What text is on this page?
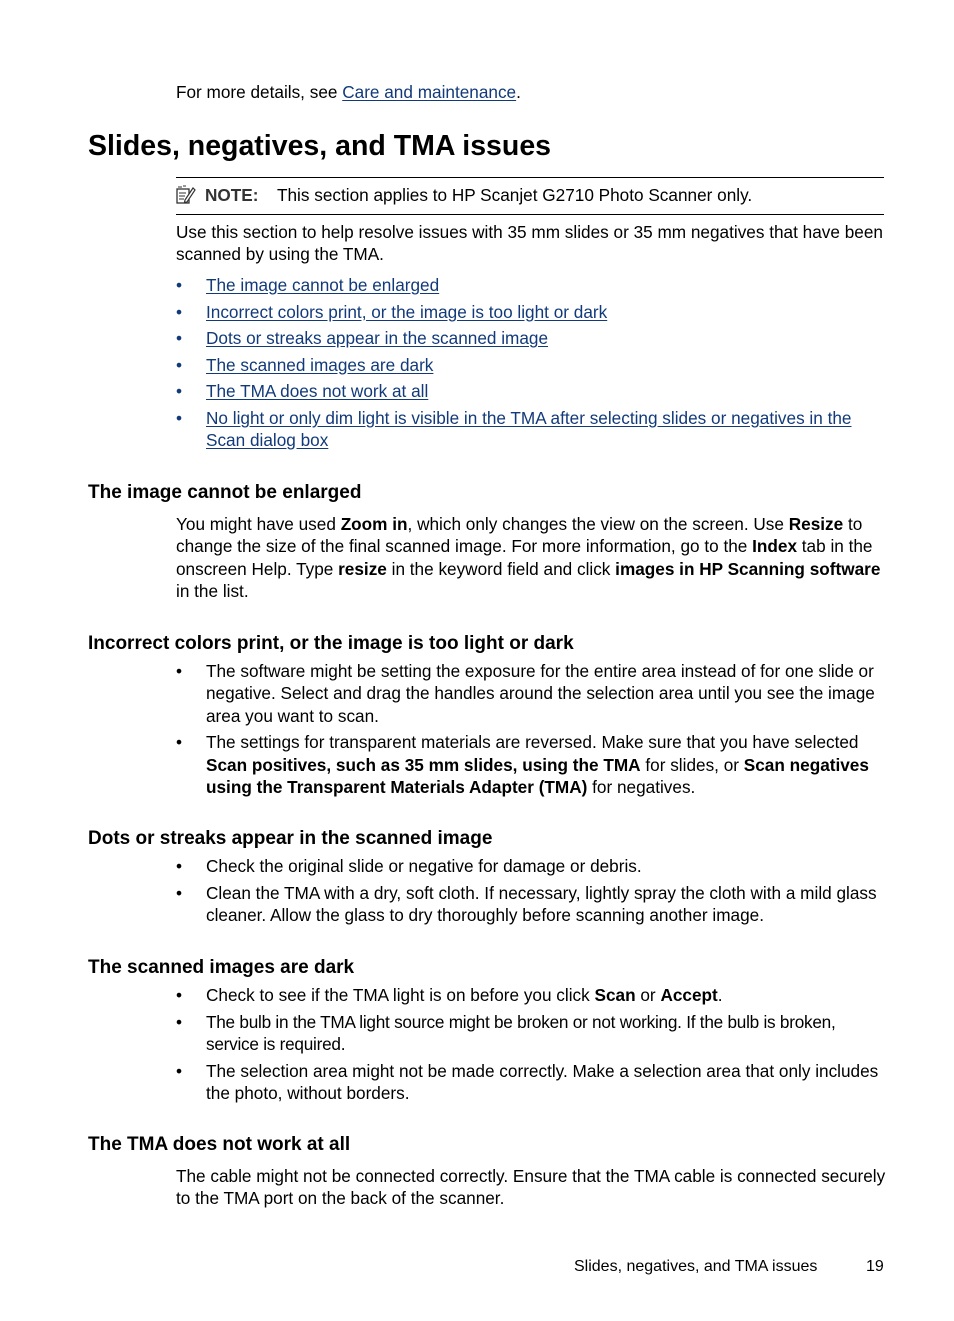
For more details, see Care and maintenance.
Slides, negatives, and TMA issues
NOTE: This section applies to HP Scanjet G2710 Photo Scanner only.
Use this section to help resolve issues with 35 mm slides or 35 mm negatives that have been scanned by using the TMA.
•	The image cannot be enlarged
•	Incorrect colors print, or the image is too light or dark
•	Dots or streaks appear in the scanned image
•	The scanned images are dark
•	The TMA does not work at all
•	No light or only dim light is visible in the TMA after selecting slides or negatives in the Scan dialog box
The image cannot be enlarged
You might have used Zoom in, which only changes the view on the screen. Use Resize to change the size of the final scanned image. For more information, go to the Index tab in the onscreen Help. Type resize in the keyword field and click images in HP Scanning software in the list.
Incorrect colors print, or the image is too light or dark
•	The software might be setting the exposure for the entire area instead of for one slide or negative. Select and drag the handles around the selection area until you see the image area you want to scan.
•	The settings for transparent materials are reversed. Make sure that you have selected Scan positives, such as 35 mm slides, using the TMA for slides, or Scan negatives using the Transparent Materials Adapter (TMA) for negatives.
Dots or streaks appear in the scanned image
•	Check the original slide or negative for damage or debris.
•	Clean the TMA with a dry, soft cloth. If necessary, lightly spray the cloth with a mild glass cleaner. Allow the glass to dry thoroughly before scanning another image.
The scanned images are dark
•	Check to see if the TMA light is on before you click Scan or Accept.
•	The bulb in the TMA light source might be broken or not working. If the bulb is broken, service is required.
•	The selection area might not be made correctly. Make a selection area that only includes the photo, without borders.
The TMA does not work at all
The cable might not be connected correctly. Ensure that the TMA cable is connected securely to the TMA port on the back of the scanner.
Slides, negatives, and TMA issues	19
